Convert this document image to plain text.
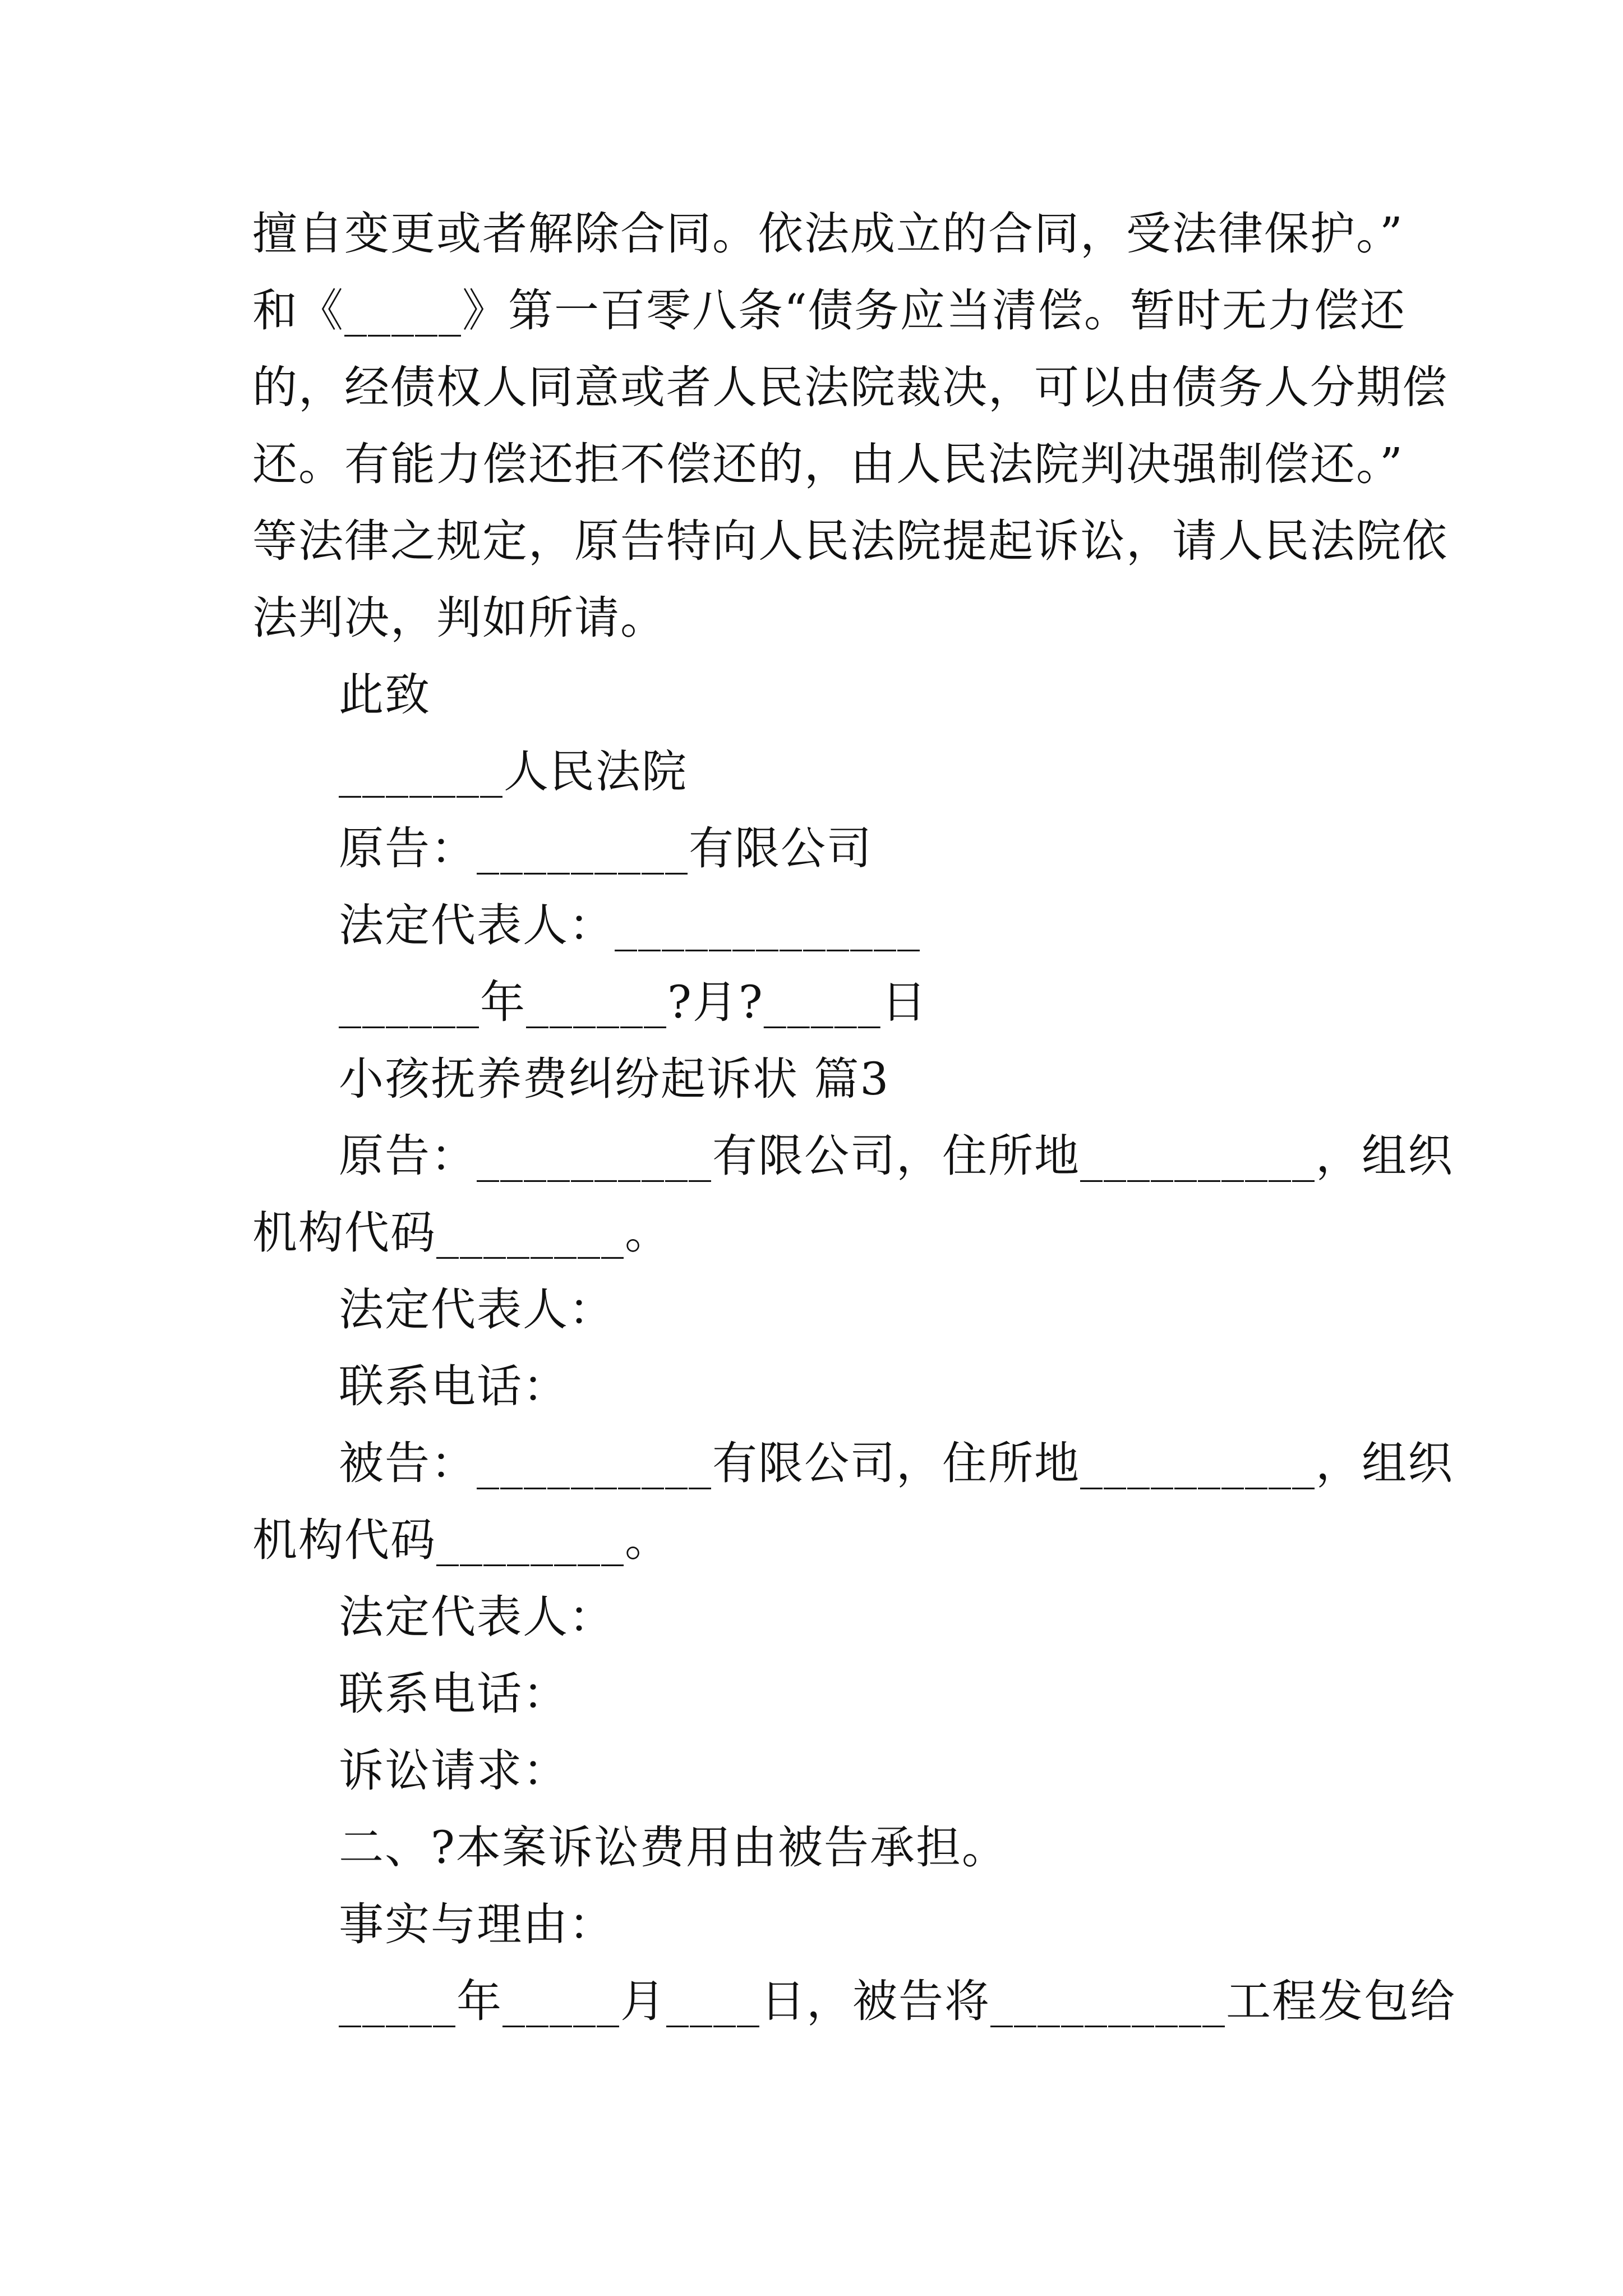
擅自变更或者解除合同。依法成立的合同，受法律保护。”
和《_____》第一百零八条“债务应当清偿。暂时无力偿还
的，经债权人同意或者人民法院裁决，可以由债务人分期偿
还。有能力偿还拒不偿还的，由人民法院判决强制偿还。”
等法律之规定，原告特向人民法院提起诉讼，请人民法院依
法判决，判如所请。
此致
_______人民法院
原告：_________有限公司
法定代表人：_____________
______年______?月?_____日
小孩抚养费纠纷起诉状 篇3
原告：__________有限公司，住所地__________，组织
机构代码________。
法定代表人：
联系电话：
被告：__________有限公司，住所地__________，组织
机构代码________。
法定代表人：
联系电话：
诉讼请求：
二、?本案诉讼费用由被告承担。
事实与理由：
_____年_____月____日，被告将__________工程发包给
